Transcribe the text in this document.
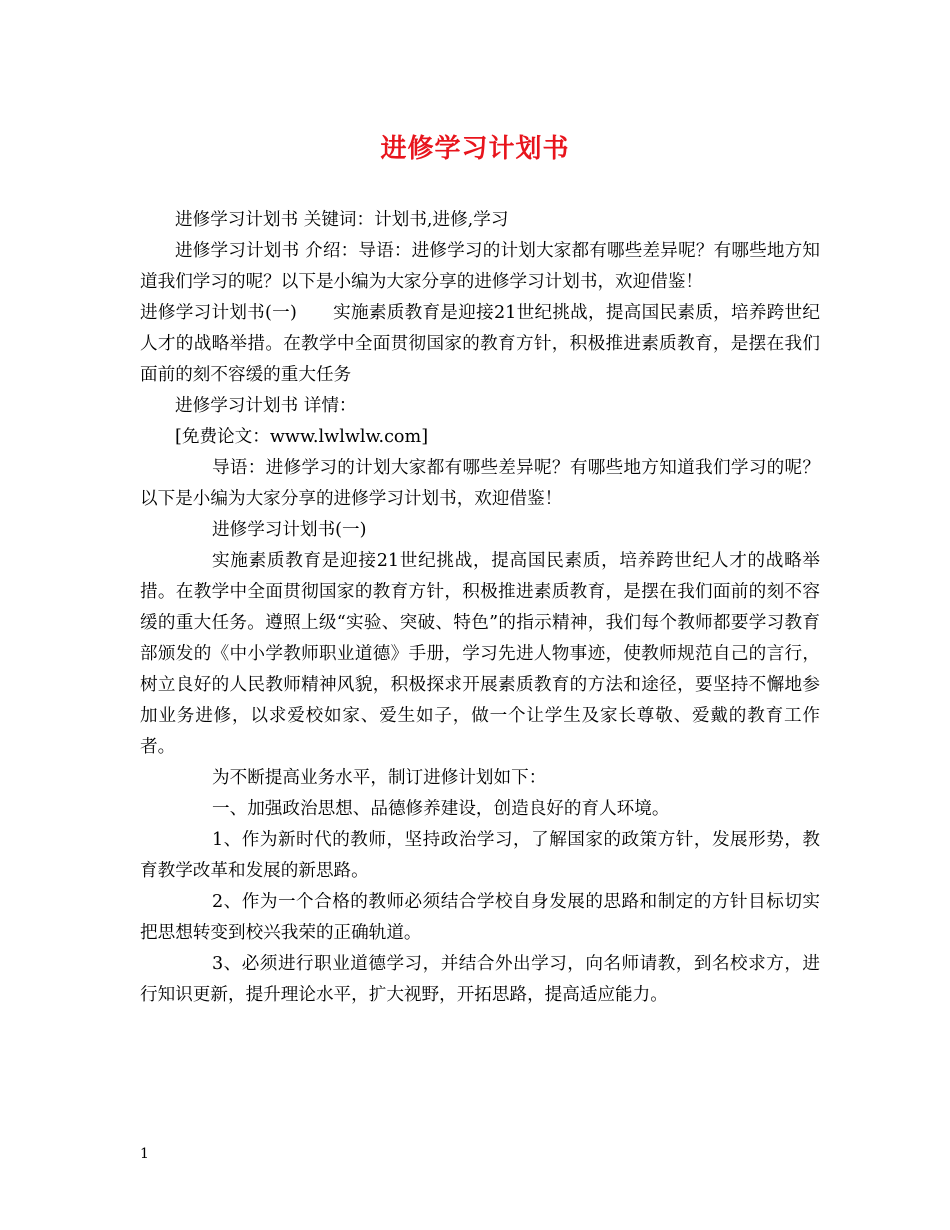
进修学习计划书

进修学习计划书 关键词：计划书,进修,学习

进修学习计划书 介绍：导语：进修学习的计划大家都有哪些差异呢？有哪些地方知道我们学习的呢？以下是小编为大家分享的进修学习计划书，欢迎借鉴！

进修学习计划书(一) 实施素质教育是迎接21世纪挑战，提高国民素质，培养跨世纪人才的战略举措。在教学中全面贯彻国家的教育方针，积极推进素质教育，是摆在我们面前的刻不容缓的重大任务

进修学习计划书 详情：

[免费论文：www.lwlwlw.com]

导语：进修学习的计划大家都有哪些差异呢？有哪些地方知道我们学习的呢？以下是小编为大家分享的进修学习计划书，欢迎借鉴！

进修学习计划书(一)

实施素质教育是迎接21世纪挑战，提高国民素质，培养跨世纪人才的战略举措。在教学中全面贯彻国家的教育方针，积极推进素质教育，是摆在我们面前的刻不容缓的重大任务。遵照上级“实验、突破、特色”的指示精神，我们每个教师都要学习教育部颁发的《中小学教师职业道德》手册，学习先进人物事迹，使教师规范自己的言行，树立良好的人民教师精神风貌，积极探求开展素质教育的方法和途径，要坚持不懈地参加业务进修，以求爱校如家、爱生如子，做一个让学生及家长尊敬、爱戴的教育工作者。

为不断提高业务水平，制订进修计划如下：

一、加强政治思想、品德修养建设，创造良好的育人环境。

1、作为新时代的教师，坚持政治学习，了解国家的政策方针，发展形势，教育教学改革和发展的新思路。

2、作为一个合格的教师必须结合学校自身发展的思路和制定的方针目标切实把思想转变到校兴我荣的正确轨道。

3、必须进行职业道德学习，并结合外出学习，向名师请教，到名校求方，进行知识更新，提升理论水平，扩大视野，开拓思路，提高适应能力。

1
